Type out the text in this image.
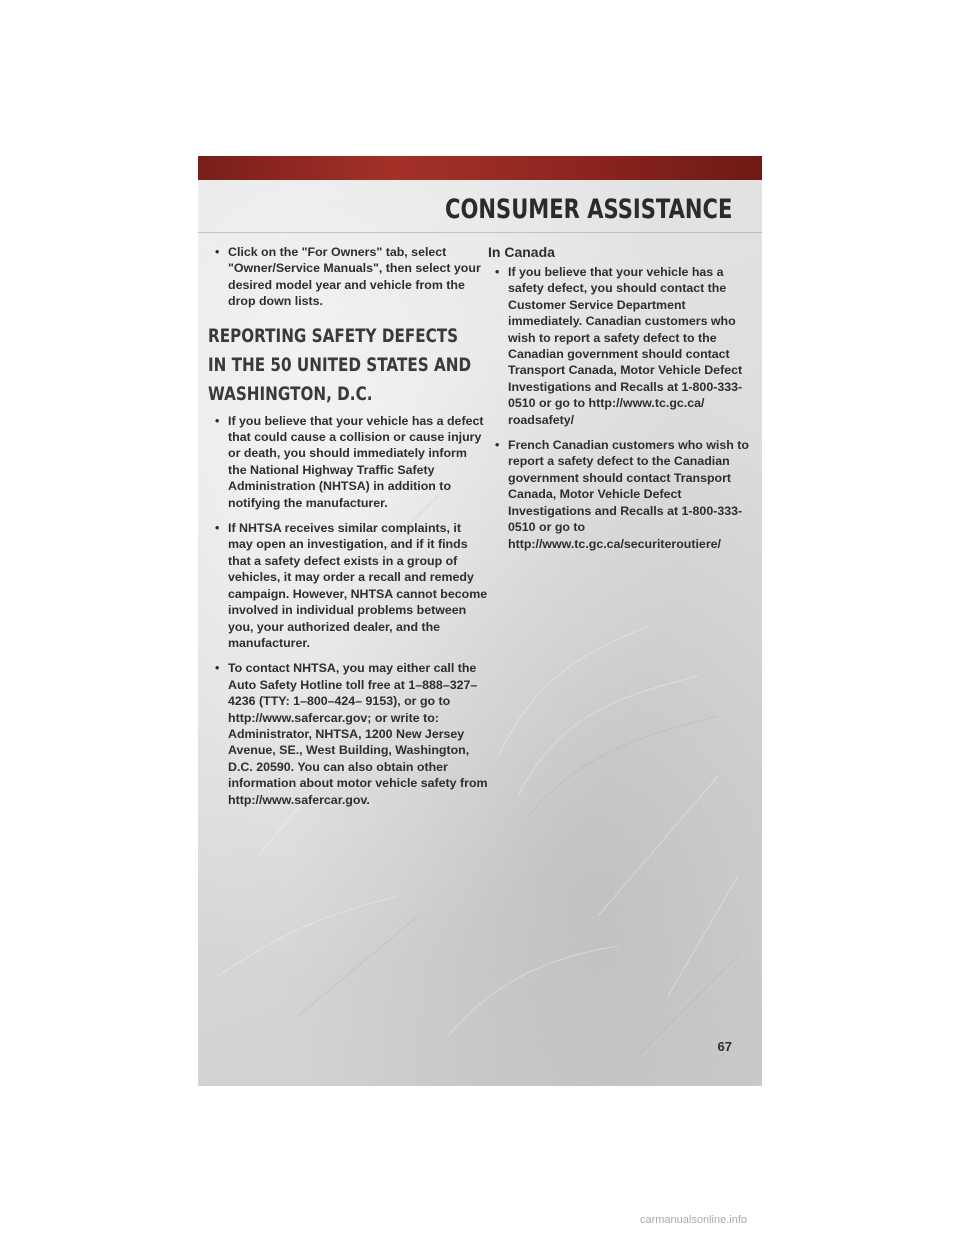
CONSUMER ASSISTANCE
• Click on the "For Owners" tab, select "Owner/Service Manuals", then select your desired model year and vehicle from the drop down lists.
REPORTING SAFETY DEFECTS
IN THE 50 UNITED STATES AND
WASHINGTON, D.C.
• If you believe that your vehicle has a defect that could cause a collision or cause injury or death, you should immediately inform the National Highway Traffic Safety Administration (NHTSA) in addition to notifying the manufacturer.
• If NHTSA receives similar complaints, it may open an investigation, and if it finds that a safety defect exists in a group of vehicles, it may order a recall and remedy campaign. However, NHTSA cannot become involved in individual problems between you, your authorized dealer, and the manufacturer.
• To contact NHTSA, you may either call the Auto Safety Hotline toll free at 1–888–327–4236 (TTY: 1–800–424– 9153), or go to http://www.safercar.gov; or write to: Administrator, NHTSA, 1200 New Jersey Avenue, SE., West Building, Washington, D.C. 20590. You can also obtain other information about motor vehicle safety from http://www.safercar.gov.
In Canada
• If you believe that your vehicle has a safety defect, you should contact the Customer Service Department immediately. Canadian customers who wish to report a safety defect to the Canadian government should contact Transport Canada, Motor Vehicle Defect Investigations and Recalls at 1-800-333-0510 or go to http://www.tc.gc.ca/ roadsafety/
• French Canadian customers who wish to report a safety defect to the Canadian government should contact Transport Canada, Motor Vehicle Defect Investigations and Recalls at 1-800-333-0510 or go to http://www.tc.gc.ca/securiteroutiere/
67
carmanualsonline.info
